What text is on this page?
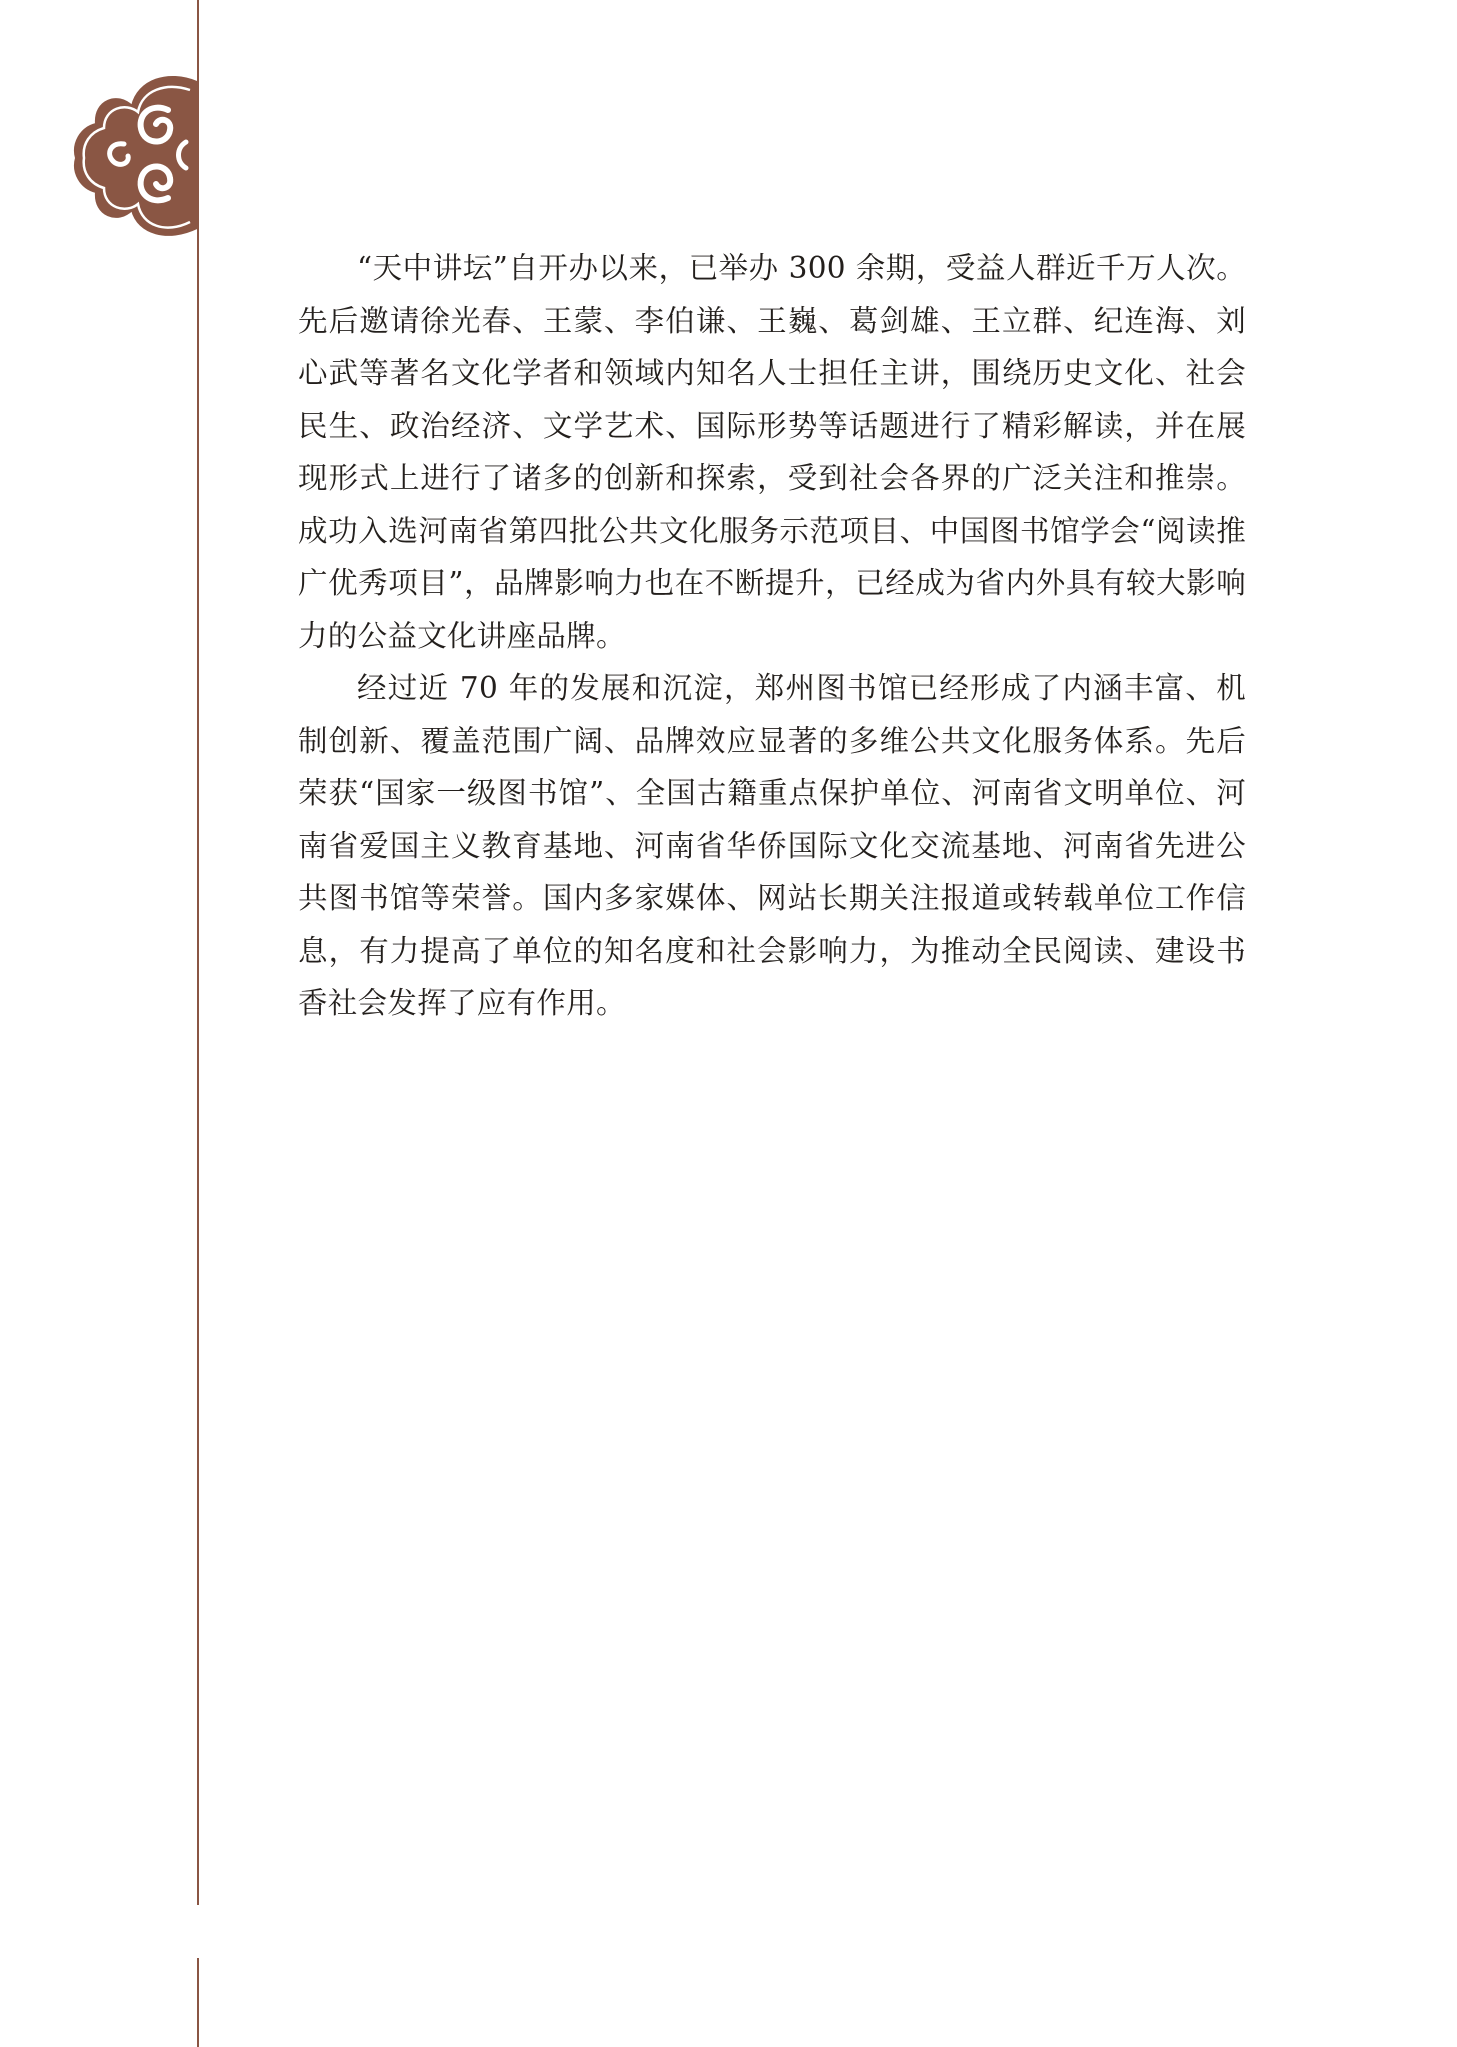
“天中讲坛”自开办以来，已举办 300 余期，受益人群近千万人次。先后邀请徐光春、王蒙、李伯谦、王巍、葛剑雄、王立群、纪连海、刘心武等著名文化学者和领域内知名人士担任主讲，围绕历史文化、社会民生、政治经济、文学艺术、国际形势等话题进行了精彩解读，并在展现形式上进行了诸多的创新和探索，受到社会各界的广泛关注和推崇。成功入选河南省第四批公共文化服务示范项目、中国图书馆学会“阅读推广优秀项目”，品牌影响力也在不断提升，已经成为省内外具有较大影响力的公益文化讲座品牌。

经过近 70 年的发展和沉淀，郑州图书馆已经形成了内涵丰富、机制创新、覆盖范围广阔、品牌效应显著的多维公共文化服务体系。先后荣获“国家一级图书馆”、全国古籍重点保护单位、河南省文明单位、河南省爱国主义教育基地、河南省华侨国际文化交流基地、河南省先进公共图书馆等荣誉。国内多家媒体、网站长期关注报道或转载单位工作信息，有力提高了单位的知名度和社会影响力，为推动全民阅读、建设书香社会发挥了应有作用。
